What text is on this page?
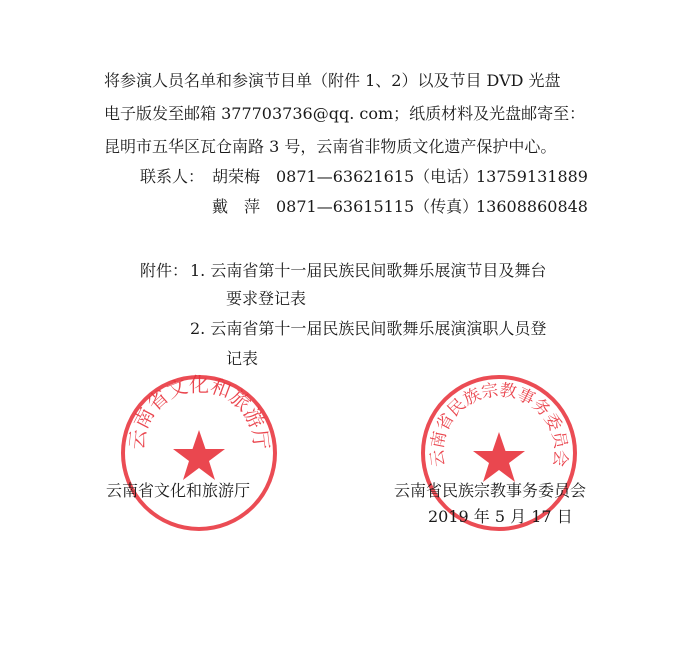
将参演人员名单和参演节目单（附件 1、2）以及节目 DVD 光盘
电子版发至邮箱 377703736@qq. com；纸质材料及光盘邮寄至：
昆明市五华区瓦仓南路 3 号，云南省非物质文化遗产保护中心。
联系人： 胡荣梅 0871—63621615（电话）
13759131889
戴　萍 0871—63615115（传真）
13608860848
附件： 1. 云南省第十一届民族民间歌舞乐展演节目及舞台
要求登记表
2. 云南省第十一届民族民间歌舞乐展演演职人员登
记表
云南省文化和旅游厅
云南省民族宗教事务委员会
云南省文化和旅游厅	云南省民族宗教事务委员会
2019 年 5 月 17 日
